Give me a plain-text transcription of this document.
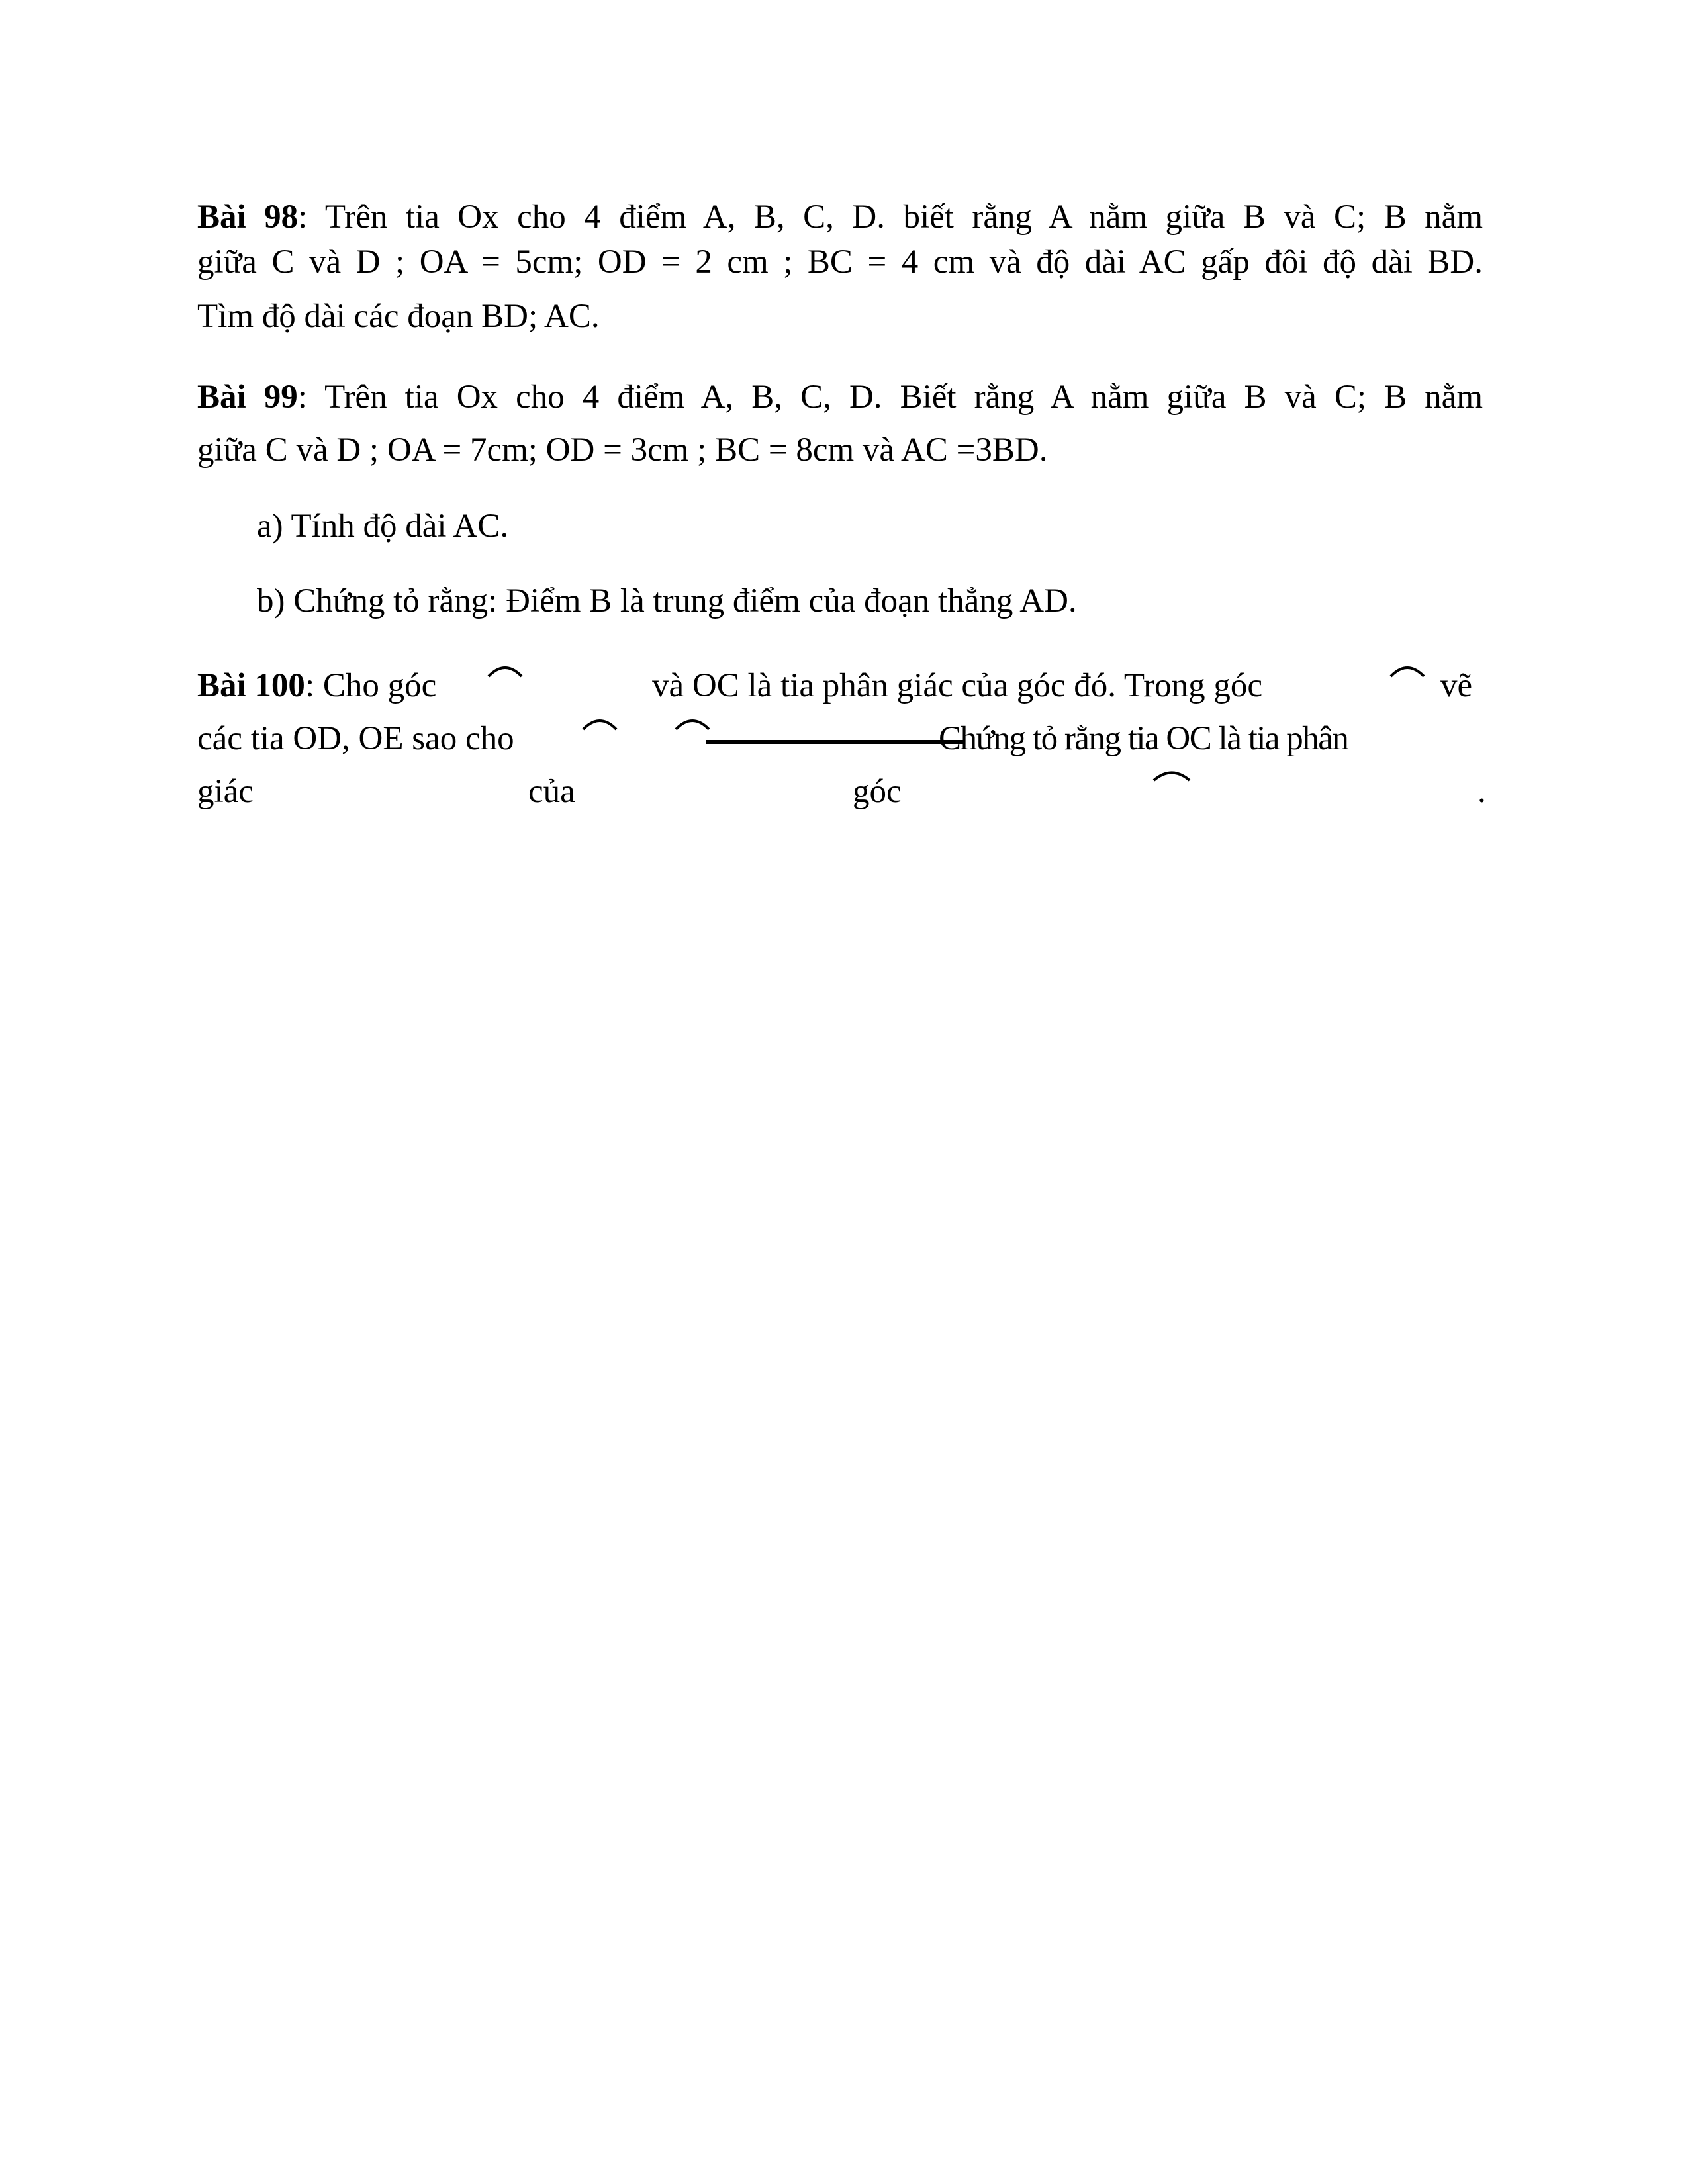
Bài 98: Trên tia Ox cho 4 điểm A, B, C, D. biết rằng A nằm giữa B và C; B nằm
giữa C và D ; OA = 5cm; OD = 2 cm ; BC = 4 cm và độ dài AC gấp đôi độ dài BD.
Tìm độ dài các đoạn BD; AC.
Bài 99: Trên tia Ox cho 4 điểm A, B, C, D. Biết rằng A nằm giữa B và C; B nằm
giữa C và D ; OA = 7cm; OD = 3cm ; BC = 8cm và AC =3BD.
a) Tính độ dài AC.
b) Chứng tỏ rằng: Điểm B là trung điểm của đoạn thẳng AD.
Bài 100: Cho góc	và OC là tia phân giác của góc đó. Trong góc	vẽ
các tia OD, OE sao cho	Chứng tỏ rằng tia OC là tia phân
giác	của	góc	.
